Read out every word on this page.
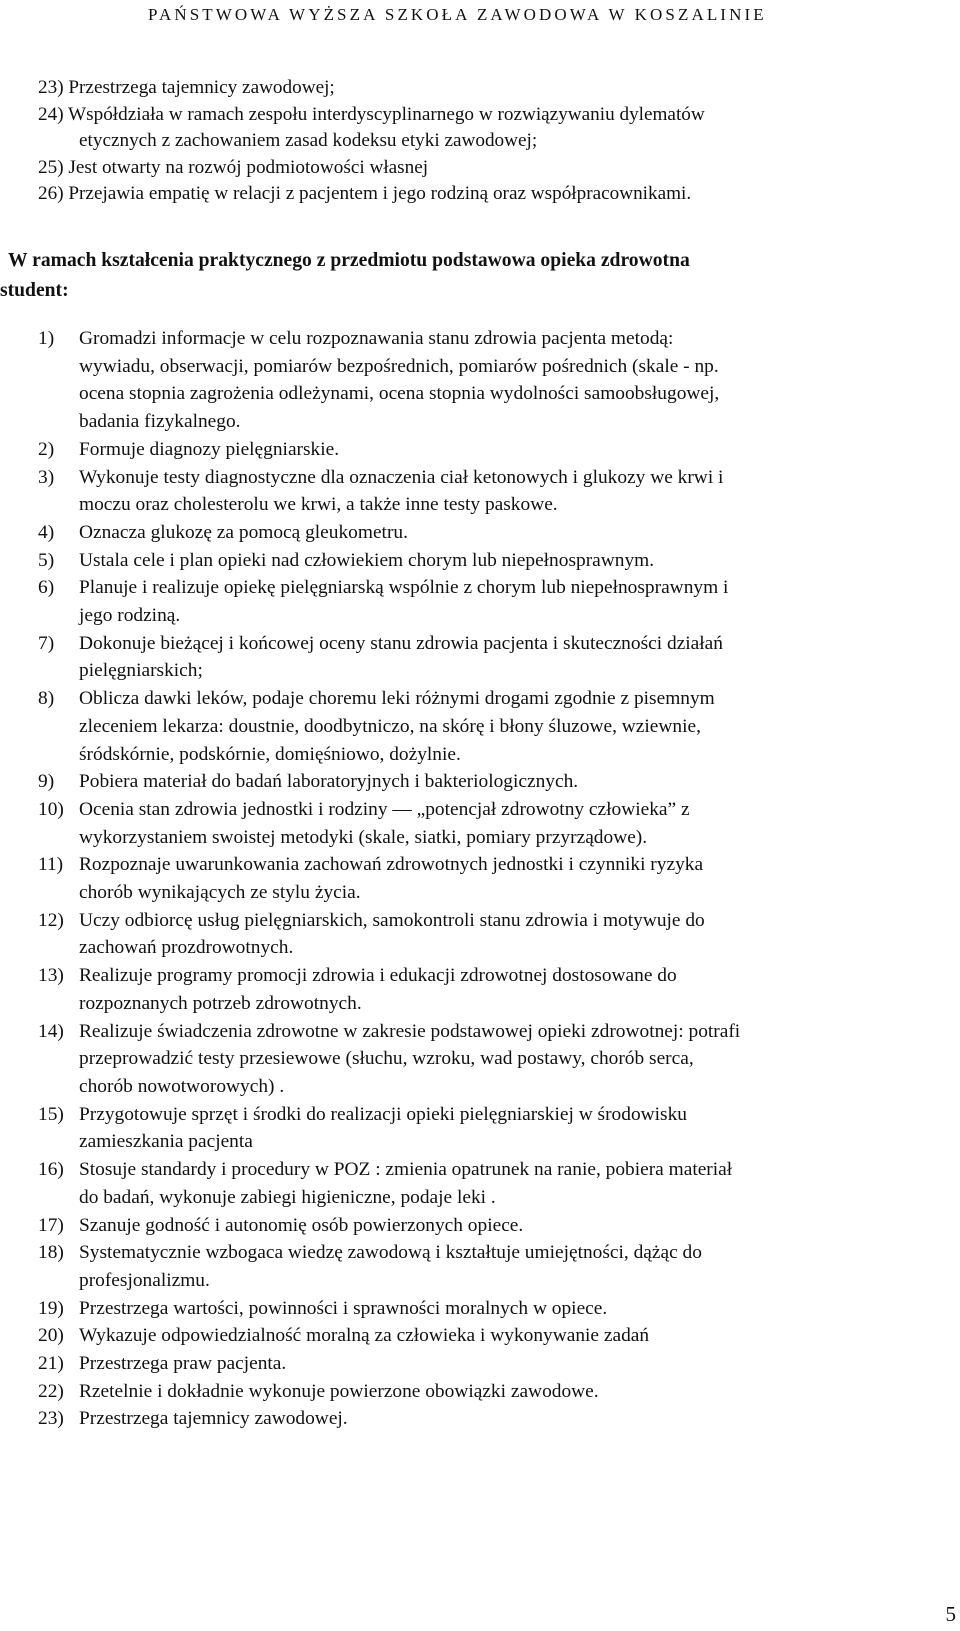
PAŃSTWOWA WYŻSZA SZKOŁA ZAWODOWA W KOSZALINIE
23) Przestrzega tajemnicy zawodowej;
24) Współdziała w ramach zespołu interdyscyplinarnego w rozwiązywaniu dylematów
etycznych z zachowaniem zasad kodeksu etyki zawodowej;
25) Jest otwarty na rozwój podmiotowości własnej
26) Przejawia empatię w relacji z pacjentem i jego rodziną oraz współpracownikami.
W ramach kształcenia praktycznego z przedmiotu podstawowa opieka zdrowotna
student:
1)	Gromadzi informacje w celu rozpoznawania stanu zdrowia pacjenta metodą:
wywiadu, obserwacji, pomiarów bezpośrednich, pomiarów pośrednich (skale - np.
ocena stopnia zagrożenia odleżynami, ocena stopnia wydolności samoobsługowej,
badania fizykalnego.
2)	Formuje diagnozy pielęgniarskie.
3)	Wykonuje testy diagnostyczne dla oznaczenia ciał ketonowych i glukozy we krwi i
moczu oraz cholesterolu we krwi, a także inne testy paskowe.
4)	Oznacza glukozę za pomocą gleukometru.
5)	Ustala cele i plan opieki nad człowiekiem chorym lub niepełnosprawnym.
6)	Planuje i realizuje opiekę pielęgniarską wspólnie z chorym lub niepełnosprawnym i
jego rodziną.
7)	Dokonuje bieżącej i końcowej oceny stanu zdrowia pacjenta i skuteczności działań
pielęgniarskich;
8)	Oblicza dawki leków, podaje choremu leki różnymi drogami zgodnie z pisemnym
zleceniem lekarza: doustnie, doodbytniczo, na skórę i błony śluzowe, wziewnie,
śródskórnie, podskórnie, domięśniowo, dożylnie.
9)	Pobiera materiał do badań laboratoryjnych i bakteriologicznych.
10) Ocenia stan zdrowia jednostki i rodziny ― „potencjał zdrowotny człowieka” z
wykorzystaniem swoistej metodyki (skale, siatki, pomiary przyrządowe).
11) Rozpoznaje uwarunkowania zachowań zdrowotnych jednostki i czynniki ryzyka
chorób wynikających ze stylu życia.
12) Uczy odbiorcę usług pielęgniarskich, samokontroli stanu zdrowia i motywuje do
zachowań prozdrowotnych.
13) Realizuje programy promocji zdrowia i edukacji zdrowotnej dostosowane do
rozpoznanych potrzeb zdrowotnych.
14) Realizuje świadczenia zdrowotne w zakresie podstawowej opieki zdrowotnej: potrafi
przeprowadzić testy przesiewowe (słuchu, wzroku, wad postawy, chorób serca,
chorób nowotworowych) .
15) Przygotowuje sprzęt i środki do realizacji opieki pielęgniarskiej w środowisku
zamieszkania pacjenta
16) Stosuje standardy i procedury w POZ : zmienia opatrunek na ranie, pobiera materiał
do badań, wykonuje zabiegi higieniczne, podaje leki .
17) Szanuje godność i autonomię osób powierzonych opiece.
18) Systematycznie wzbogaca wiedzę zawodową i kształtuje umiejętności, dążąc do
profesjonalizmu.
19) Przestrzega wartości, powinności i sprawności moralnych w opiece.
20) Wykazuje odpowiedzialność moralną za człowieka i wykonywanie zadań
21) Przestrzega praw pacjenta.
22) Rzetelnie i dokładnie wykonuje powierzone obowiązki zawodowe.
23) Przestrzega tajemnicy zawodowej.
5
